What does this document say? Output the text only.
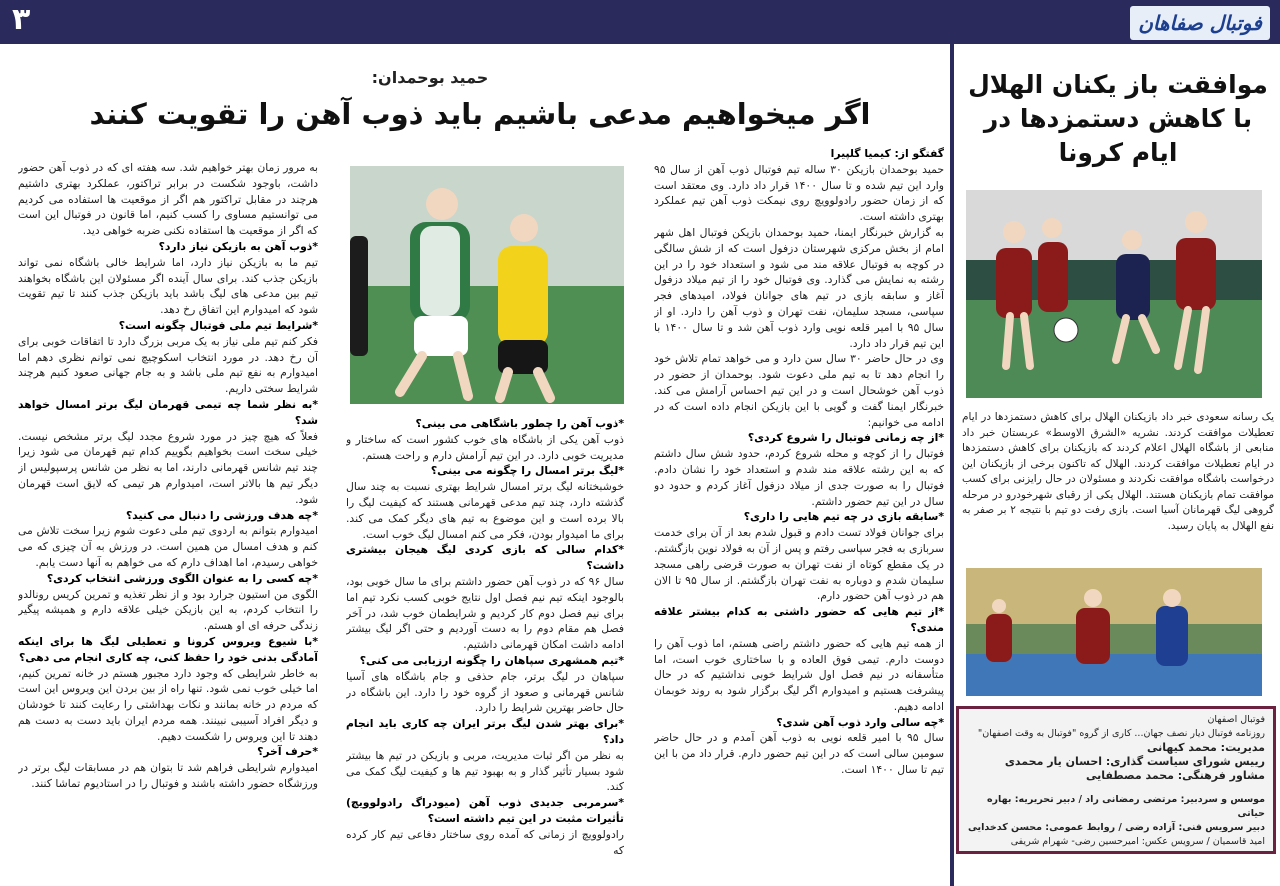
۳	فوتبال صفاهان
موافقت باز یکنان الهلال با کاهش دستمزدها در ایام کرونا
یک رسانه سعودی خبر داد بازیکنان الهلال برای کاهش دستمزدها در ایام تعطیلات موافقت کردند. نشریه «الشرق الاوسط» عربستان خبر داد منابعی از باشگاه الهلال اعلام کردند که بازیکنان برای کاهش دستمزدها در ایام تعطیلات موافقت کردند. الهلال که تاکنون برخی از بازیکنان این درخواست باشگاه موافقت نکردند و مسئولان در حال رایزنی برای کسب موافقت تمام بازیکنان هستند. الهلال یکی از رقبای شهرخودرو در مرحله گروهی لیگ قهرمانان آسیا است. بازی رفت دو تیم با نتیجه ۲ بر صفر به نفع الهلال به پایان رسید.
فوتبال اصفهان
روزنامه فوتبال دیار نصف جهان... کاری از گروه "فوتبال به وقت اصفهان"
مدیریت: محمد کیهانی
رییس شورای سیاست گذاری: احسان یار محمدی
مشاور فرهنگی: محمد مصطفایی
موسس و سردبیر: مرتضی رمضانی راد / دبیر تحریریه: بهاره حیاتی
دبیر سرویس فنی: آزاده رضی / روابط عمومی: محسن کدخدایی
امید قاسمیان / سرویس عکس: امیرحسین رضی- شهرام شریفی
حمید بوحمدان:
اگر میخواهیم مدعی باشیم باید ذوب آهن را تقویت کنند

گفتگو از: کیمیا گلپیرا

حمید بوحمدان بازیکن ۳۰ ساله تیم فوتبال ذوب آهن از سال ۹۵ وارد این تیم شده و تا سال ۱۴۰۰ قرار داد دارد. وی معتقد است که از زمان حضور رادولوویچ روی نیمکت ذوب آهن تیم عملکرد بهتری داشته است.

به گزارش خبرنگار ایمنا، حمید بوحمدان بازیکن فوتبال اهل شهر امام از بخش مرکزی شهرستان دزفول است که از شش سالگی در کوچه به فوتبال علاقه مند می شود و استعداد خود را در این رشته به نمایش می گذارد. وی فوتبال خود را از تیم میلاد دزفول آغاز و سابقه بازی در تیم های جوانان فولاد، امیدهای فجر سپاسی، مسجد سلیمان، نفت تهران و ذوب آهن را دارد. او از سال ۹۵ با امیر قلعه نویی وارد ذوب آهن شد و تا سال ۱۴۰۰ با این تیم قرار داد دارد.

وی در حال حاضر ۳۰ سال سن دارد و می خواهد تمام تلاش خود را انجام دهد تا به تیم ملی دعوت شود. بوحمدان از حضور در ذوب آهن خوشحال است و در این تیم احساس آرامش می کند. خبرنگار ایمنا گفت و گویی با این بازیکن انجام داده است که در ادامه می خوانیم:

*از چه زمانی فوتبال را شروع کردی؟

فوتبال را از کوچه و محله شروع کردم، حدود شش سال داشتم که به این رشته علاقه مند شدم و استعداد خود را نشان دادم. فوتبال را به صورت جدی از میلاد دزفول آغاز کردم و حدود دو سال در این تیم حضور داشتم.

*سابقه بازی در چه تیم هایی را داری؟

برای جوانان فولاد تست دادم و قبول شدم بعد از آن برای خدمت سربازی به فجر سپاسی رفتم و پس از آن به فولاد نوین بازگشتم. در یک مقطع کوتاه از نفت تهران به صورت قرضی راهی مسجد سلیمان شدم و دوباره به نفت تهران بازگشتم. از سال ۹۵ تا الان هم در ذوب آهن حضور دارم.

*از تیم هایی که حضور داشتی به کدام بیشتر علاقه مندی؟

از همه تیم هایی که حضور داشتم راضی هستم، اما ذوب آهن را دوست دارم. تیمی فوق العاده و با ساختاری خوب است، اما متأسفانه در نیم فصل اول شرایط خوبی نداشتیم که در حال پیشرفت هستیم و امیدوارم اگر لیگ برگزار شود به روند خوبمان ادامه دهیم.

*چه سالی وارد ذوب آهن شدی؟

سال ۹۵ با امیر قلعه نویی به ذوب آهن آمدم و در حال حاضر سومین سالی است که در این تیم حضور دارم. قرار داد من با این تیم تا سال ۱۴۰۰ است.

*ذوب آهن را چطور باشگاهی می بینی؟

ذوب آهن یکی از باشگاه های خوب کشور است که ساختار و مدیریت خوبی دارد. در این تیم آرامش دارم و راحت هستم.

*لیگ برتر امسال را چگونه می بینی؟

خوشبختانه لیگ برتر امسال شرایط بهتری نسبت به چند سال گذشته دارد، چند تیم مدعی قهرمانی هستند که کیفیت لیگ را بالا برده است و این موضوع به تیم های دیگر کمک می کند. برای ما امیدوار بودن، فکر می کنم امسال لیگ خوب است.

*کدام سالی که بازی کردی لیگ هیجان بیشتری داشت؟

سال ۹۶ که در ذوب آهن حضور داشتم برای ما سال خوبی بود، بالوجود اینکه تیم نیم فصل اول نتایج خوبی کسب نکرد تیم اما برای نیم فصل دوم کار کردیم و شرایطمان خوب شد، در آخر فصل هم مقام دوم را به دست آوردیم و حتی اگر لیگ بیشتر ادامه داشت امکان قهرمانی داشتیم.

*تیم همشهری سپاهان را چگونه ارزیابی می کنی؟

سپاهان در لیگ برتر، جام حذفی و جام باشگاه های آسیا شانس قهرمانی و صعود از گروه خود را دارد. این باشگاه در حال حاضر بهترین شرایط را دارد.

*برای بهتر شدن لیگ برتر ایران چه کاری باید انجام داد؟

به نظر من اگر ثبات مدیریت، مربی و بازیکن در تیم ها بیشتر شود بسیار تأثیر گذار و به بهبود تیم ها و کیفیت لیگ کمک می کند.

*سرمربی جدیدی ذوب آهن (میودراگ رادولوویچ) تأثیرات مثبت در این تیم داشته است؟

رادولوویچ از زمانی که آمده روی ساختار دفاعی تیم کار کرده که

به مرور زمان بهتر خواهیم شد. سه هفته ای که در ذوب آهن حضور داشت، باوجود شکست در برابر تراکتور، عملکرد بهتری داشتیم هرچند در مقابل تراکتور هم اگر از موقعیت ها استفاده می کردیم می توانستیم مساوی را کسب کنیم، اما قانون در فوتبال این است که اگر از موقعیت ها استفاده نکنی ضربه خواهی دید.

*ذوب آهن به بازیکن نیاز دارد؟

تیم ما به بازیکن نیاز دارد، اما شرایط خالی باشگاه نمی تواند بازیکن جذب کند. برای سال آینده اگر مسئولان این باشگاه بخواهند تیم بین مدعی های لیگ باشد باید بازیکن جذب کنند تا تیم تقویت شود که امیدوارم این اتفاق رخ دهد.

*شرایط تیم ملی فوتبال چگونه است؟

فکر کنم تیم ملی نیاز به یک مربی بزرگ دارد تا اتفاقات خوبی برای آن رخ دهد. در مورد انتخاب اسکوچیچ نمی توانم نظری دهم اما امیدوارم به نفع تیم ملی باشد و به جام جهانی صعود کنیم هرچند شرایط سختی داریم.

*به نظر شما چه تیمی قهرمان لیگ برتر امسال خواهد شد؟

فعلاً که هیچ چیز در مورد شروع مجدد لیگ برتر مشخص نیست. خیلی سخت است بخواهیم بگوییم کدام تیم قهرمان می شود زیرا چند تیم شانس قهرمانی دارند، اما به نظر من شانس پرسپولیس از دیگر تیم ها بالاتر است، امیدوارم هر تیمی که لایق است قهرمان شود.

*چه هدف ورزشی را دنبال می کنید؟

امیدوارم بتوانم به اردوی تیم ملی دعوت شوم زیرا سخت تلاش می کنم و هدف امسال من همین است. در ورزش به آن چیزی که می خواهی رسیدم، اما اهداف دارم که می خواهم به آنها دست یابم.

*چه کسی را به عنوان الگوی ورزشی انتخاب کردی؟

الگوی من استیون جرارد بود و از نظر تغذیه و تمرین کریس رونالدو را انتخاب کردم، به این بازیکن خیلی علاقه دارم و همیشه پیگیر زندگی حرفه ای او هستم.

*با شیوع ویروس کرونا و تعطیلی لیگ ها برای اینکه آمادگی بدنی خود را حفظ کنی، چه کاری انجام می دهی؟

به خاطر شرایطی که وجود دارد مجبور هستم در خانه تمرین کنیم، اما خیلی خوب نمی شود. تنها راه از بین بردن این ویروس این است که مردم در خانه بمانند و نکات بهداشتی را رعایت کنند تا خودشان و دیگر افراد آسیبی نبینند. همه مردم ایران باید دست به دست هم دهند تا این ویروس را شکست دهیم.

*حرف آخر؟

امیدوارم شرایطی فراهم شد تا بتوان هم در مسابقات لیگ برتر در ورزشگاه حضور داشته باشند و فوتبال را در استادیوم تماشا کنند.
